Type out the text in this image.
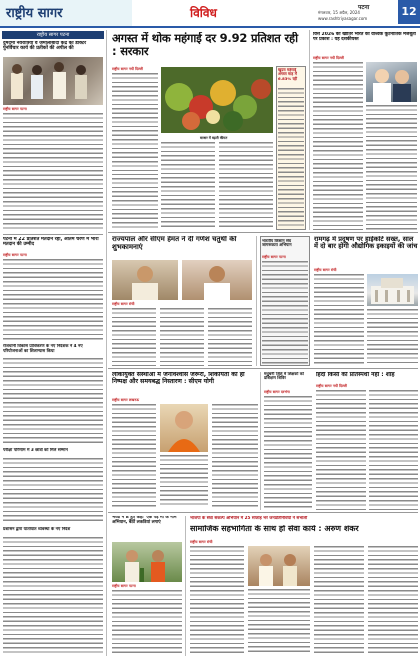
राष्ट्रीय सागर	विविध	पटना
मंगलवार, 15 अप्रैल, 2024
www.rashtriyasagar.com
12
राष्ट्रीय सागर पटना
दुमदमा नवरात्रिया वे जमालांबादी केंद्र को डॉक्टर पुनर्विचार कार्य की प्रतीकों की अपील की
राष्ट्रीय सागर पटना
पटना में 22 प्रतिशत मतदान रहा, अंतिम चरण में भारी मतदान की उम्मीद
राष्ट्रीय सागर पटना
राजधानी विकास प्राधिकरण के नए निदेशक ने 4 नए परियोजनाओं का शिलान्यास किया
परीक्षा परिणाम में 3 छात्रों को मिले सम्मान
प्रशासन द्वारा यातायात व्यवस्था के नए निर्देश
अगस्त में थोक महंगाई दर 9.92 प्रतिशत रही : सरकार
राष्ट्रीय सागर नयी दिल्ली
बाजार में बढ़ती कीमत
खुदरा महंगाई अगस्त माह में 6.83% रही
वित्त 2026 की खातिर भारत की वैश्विक कूटनीतिक मजबूती पर प्रकाश : यह दशकीयस्त
राष्ट्रीय सागर नयी दिल्ली
राज्यपाल और सीएम हेमंत ने दी गणेश चतुर्थी की शुभकामनाएं
राष्ट्रीय सागर रांची
भारतीय किसान संघ जागरूकता अभियान
राष्ट्रीय सागर पटना
रामगढ़ में प्रदूषण पर हाईकोर्ट सख्त, साल में दो बार होगी औद्योगिक इकाइयों की जांच
राष्ट्रीय सागर रांची
लोकायुक्त संस्थाओं में जनविश्वास जरूरी, शिकायतों का हो निष्पक्ष और समयबद्ध निस्तारण : सीएम योगी
राष्ट्रीय सागर लखनऊ
मधुबनी जिले में शिक्षकों को प्रशिक्षण शिविर
राष्ट्रीय सागर दरभंगा
हिंदी किसी की प्रतिस्पर्धी नहीं : शाह
राष्ट्रीय सागर नयी दिल्ली
भव्या ने 8 हुए कहीं 'एक पेड़ मां के नाम' अभियान, बैठीं लकडियां लगाएं
राष्ट्रीय सागर पटना
भाजपा के सेवा संकल्प अभियान में 25 सप्ताह भर जनप्रतिनिधियों ने संभाली
सामाजिक सहभागिता के साथ हो सेवा कार्य : अरुण शंकर
राष्ट्रीय सागर रांची
